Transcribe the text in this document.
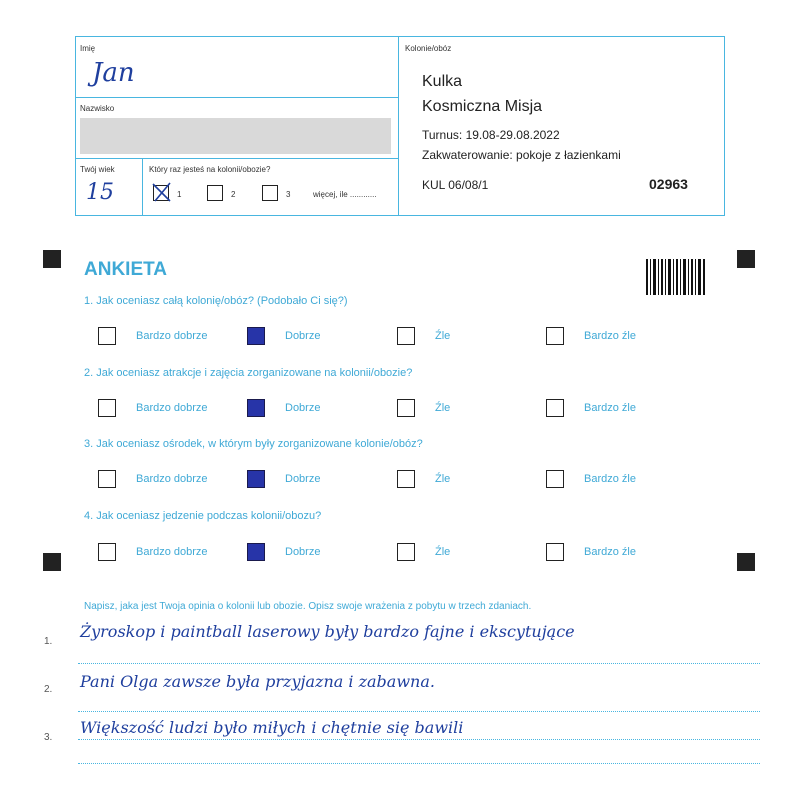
Imię
Jan
Nazwisko
Twój wiek
15
Który raz jesteś na kolonii/obozie?
1	2	3	więcej, ile ............
Kolonie/obóz
Kulka
Kosmiczna Misja
Turnus: 19.08-29.08.2022
Zakwaterowanie: pokoje z łazienkami
KUL 06/08/1	02963
ANKIETA
1. Jak oceniasz całą kolonię/obóz? (Podobało Ci się?)
Bardzo dobrze	Dobrze	Źle	Bardzo źle
2. Jak oceniasz atrakcje i zajęcia zorganizowane na kolonii/obozie?
Bardzo dobrze	Dobrze	Źle	Bardzo źle
3. Jak oceniasz ośrodek, w którym były zorganizowane kolonie/obóz?
Bardzo dobrze	Dobrze	Źle	Bardzo źle
4. Jak oceniasz jedzenie podczas kolonii/obozu?
Bardzo dobrze	Dobrze	Źle	Bardzo źle
Napisz, jaka jest Twoja opinia o kolonii lub obozie. Opisz swoje wrażenia z pobytu w trzech zdaniach.
1.
Żyroskop i paintball laserowy były bardzo fajne i ekscytujące
2. Pani Olga zawsze była przyjazna i zabawna.
3.
Większość ludzi było miłych i chętnie się bawili
